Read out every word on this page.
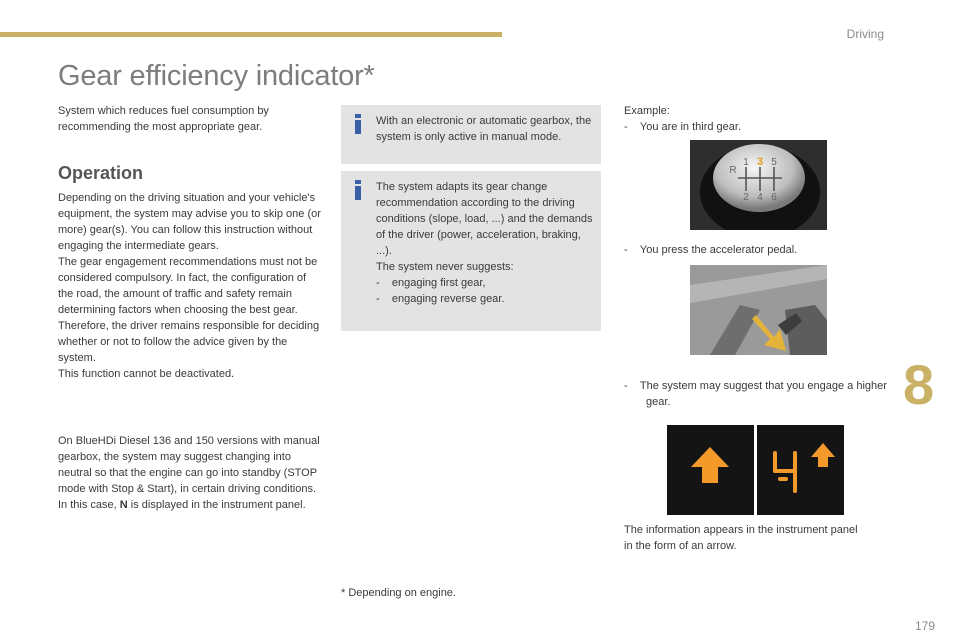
Driving
Gear efficiency indicator*

System which reduces fuel consumption by recommending the most appropriate gear.

Operation
Depending on the driving situation and your vehicle's equipment, the system may advise you to skip one (or more) gear(s). You can follow this instruction without engaging the intermediate gears.
The gear engagement recommendations must not be considered compulsory. In fact, the configuration of the road, the amount of traffic and safety remain determining factors when choosing the best gear. Therefore, the driver remains responsible for deciding whether or not to follow the advice given by the system.
This function cannot be deactivated.

On BlueHDi Diesel 136 and 150 versions with manual gearbox, the system may suggest changing into neutral so that the engine can go into standby (STOP mode with Stop & Start), in certain driving conditions. In this case, N is displayed in the instrument panel.

With an electronic or automatic gearbox, the system is only active in manual mode.
The system adapts its gear change recommendation according to the driving conditions (slope, load, ...) and the demands of the driver (power, acceleration, braking, ...).
The system never suggests:
-    engaging first gear,
-    engaging reverse gear.
Example:
-    You are in third gear.
R
1 3 5
2 4 6
-    You press the accelerator pedal.
-    The system may suggest that you engage a higher gear.
The information appears in the instrument panel in the form of an arrow.
8
* Depending on engine.
179
